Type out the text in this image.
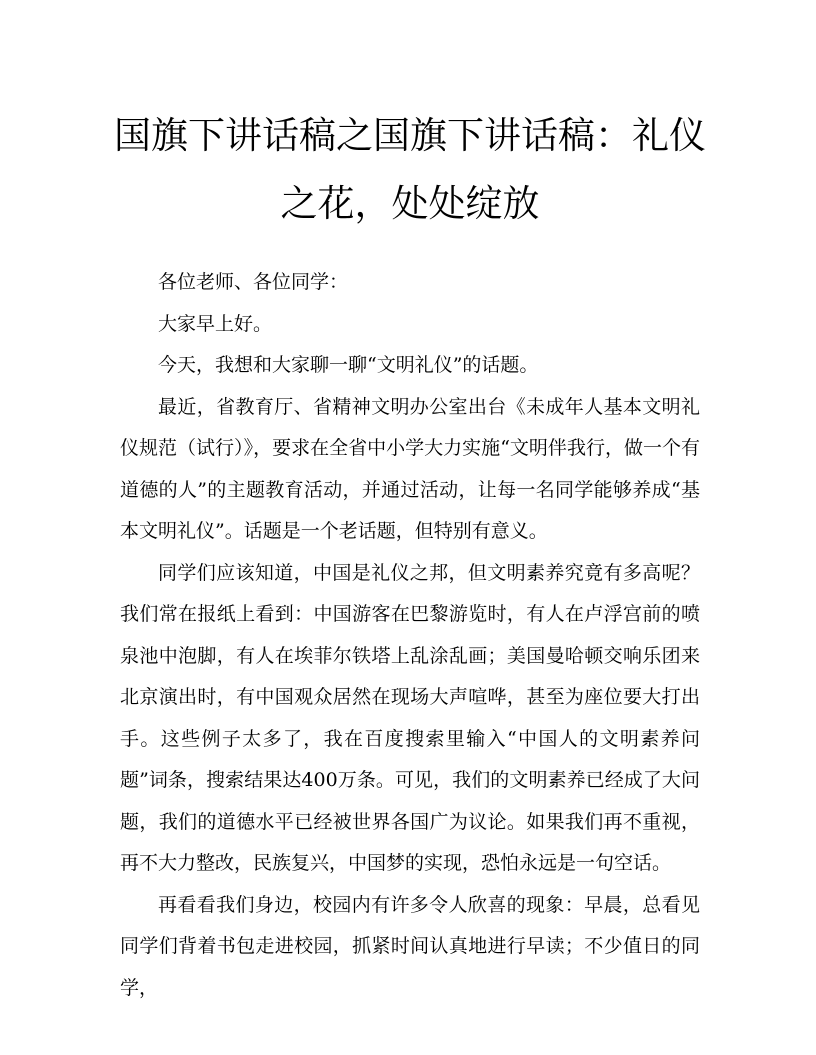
国旗下讲话稿之国旗下讲话稿：礼仪之花，处处绽放

各位老师、各位同学：

大家早上好。

今天，我想和大家聊一聊“文明礼仪”的话题。

最近，省教育厅、省精神文明办公室出台《未成年人基本文明礼仪规范（试行）》，要求在全省中小学大力实施“文明伴我行，做一个有道德的人”的主题教育活动，并通过活动，让每一名同学能够养成“基本文明礼仪”。话题是一个老话题，但特别有意义。

同学们应该知道，中国是礼仪之邦，但文明素养究竟有多高呢？我们常在报纸上看到：中国游客在巴黎游览时，有人在卢浮宫前的喷泉池中泡脚，有人在埃菲尔铁塔上乱涂乱画；美国曼哈顿交响乐团来北京演出时，有中国观众居然在现场大声喧哗，甚至为座位要大打出手。这些例子太多了，我在百度搜索里输入“中国人的文明素养问题”词条，搜索结果达400万条。可见，我们的文明素养已经成了大问题，我们的道德水平已经被世界各国广为议论。如果我们再不重视，再不大力整改，民族复兴，中国梦的实现，恐怕永远是一句空话。

再看看我们身边，校园内有许多令人欣喜的现象：早晨，总看见同学们背着书包走进校园，抓紧时间认真地进行早读；不少值日的同学，
